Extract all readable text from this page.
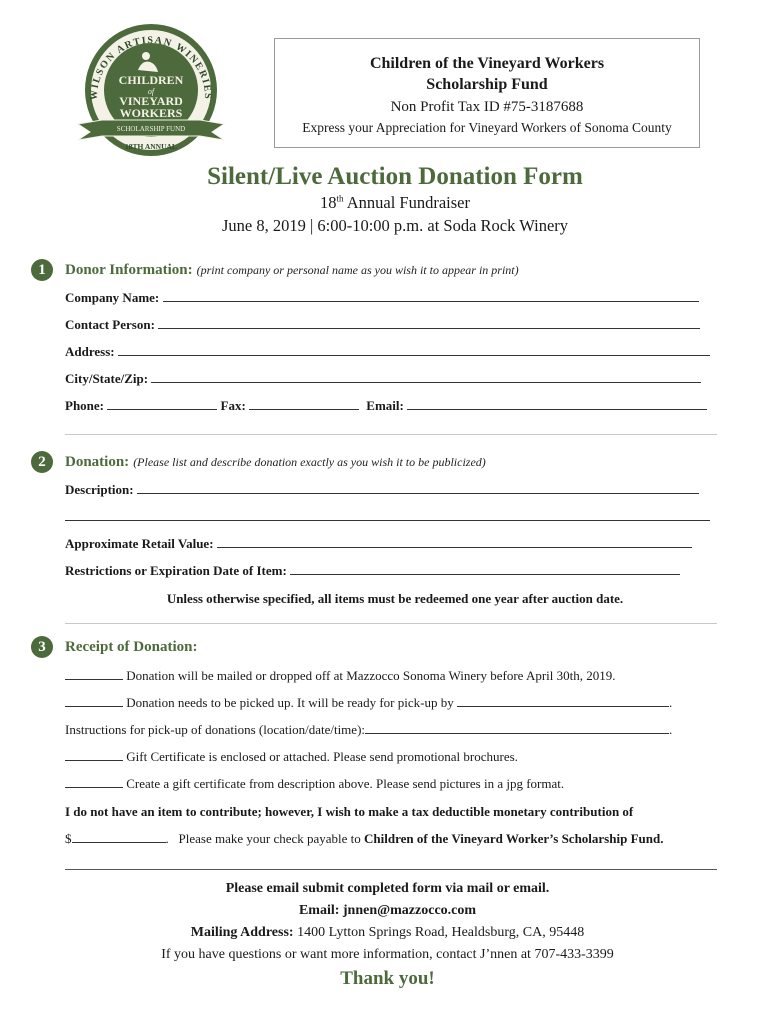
WILSON ARTISAN WINERIES
CHILDREN
of
VINEYARD
WORKERS
SCHOLARSHIP FUND
18TH ANNUAL
Children of the Vineyard Workers
Scholarship Fund
Non Profit Tax ID #75-3187688
Express your Appreciation for Vineyard Workers of Sonoma County
Silent/Live Auction Donation Form
18th Annual Fundraiser
June 8, 2019 | 6:00-10:00 p.m. at Soda Rock Winery
1	Donor Information: (print company or personal name as you wish it to appear in print)
Company Name:
Contact Person:
Address:
City/State/Zip:
Phone:	Fax:	Email:
2	Donation: (Please list and describe donation exactly as you wish it to be publicized)
Description:
Approximate Retail Value:
Restrictions or Expiration Date of Item:
Unless otherwise specified, all items must be redeemed one year after auction date.
3	Receipt of Donation:
Donation will be mailed or dropped off at Mazzocco Sonoma Winery before April 30th, 2019.
Donation needs to be picked up. It will be ready for pick-up by	.
Instructions for pick-up of donations (location/date/time):	.
Gift Certificate is enclosed or attached. Please send promotional brochures.
Create a gift certificate from description above. Please send pictures in a jpg format.
I do not have an item to contribute; however, I wish to make a tax deductible monetary contribution of
$	.   Please make your check payable to Children of the Vineyard Worker’s Scholarship Fund.
Please email submit completed form via mail or email.
Email: jnnen@mazzocco.com
Mailing Address: 1400 Lytton Springs Road, Healdsburg, CA, 95448
If you have questions or want more information, contact J’nnen at 707-433-3399
Thank you!
